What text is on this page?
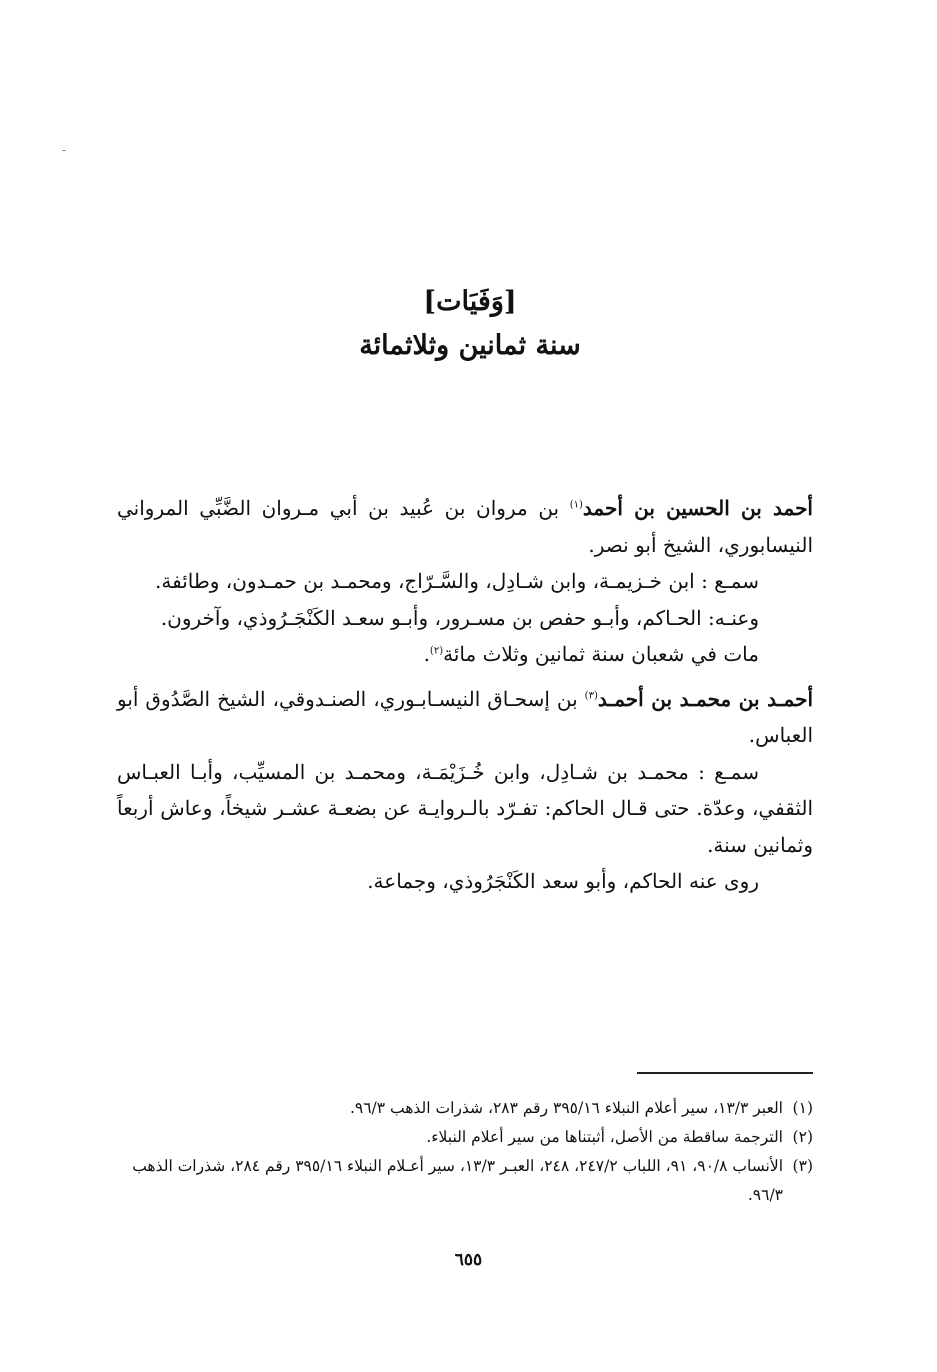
[وَفَيَات]
سنة ثمانين وثلاثمائة

أحمد بن الحسين بن أحمد$^{(١)}$ بن مروان بن عُبيد بن أبي مـروان الضَّبِّي المرواني النيسابوري، الشيخ أبو نصر.

سمـع : ابن خـزيمـة، وابن شـادِل، والسَّـرّاج، ومحمـد بن حمـدون، وطائفة.

وعنـه: الحـاكم، وأبـو حفص بن مسـرور، وأبـو سعـد الكَنْجَـرُوذي، وآخرون.

مات في شعبان سنة ثمانين وثلاث مائة$^{(٢)}$.

أحمـد بن محمـد بن أحمـد$^{(٣)}$ بن إسحـاق النيسـابـوري، الصنـدوقي، الشيخ الصَّدُوق أبو العباس.

سمـع : محمـد بن شـادِل، وابن خُـزَيْمَـة، ومحمـد بن المسيِّب، وأبـا العبـاس الثقفي، وعدّة. حتى قـال الحاكم: تفـرّد بالـروايـة عن بضعـة عشـر شيخاً، وعاش أربعاً وثمانين سنة.

روى عنه الحاكم، وأبو سعد الكَنْجَرُوذي، وجماعة.

(١)
العبر ١٣/٣، سير أعلام النبلاء ٣٩٥/١٦ رقم ٢٨٣، شذرات الذهب ٩٦/٣.
(٢)
الترجمة ساقطة من الأصل، أثبتناها من سير أعلام النبلاء.
(٣)
الأنساب ٩٠/٨، ٩١، اللباب ٢٤٧/٢، ٢٤٨، العبـر ١٣/٣، سير أعـلام النبلاء ٣٩٥/١٦ رقم ٢٨٤، شذرات الذهب ٩٦/٣.
٦٥٥
